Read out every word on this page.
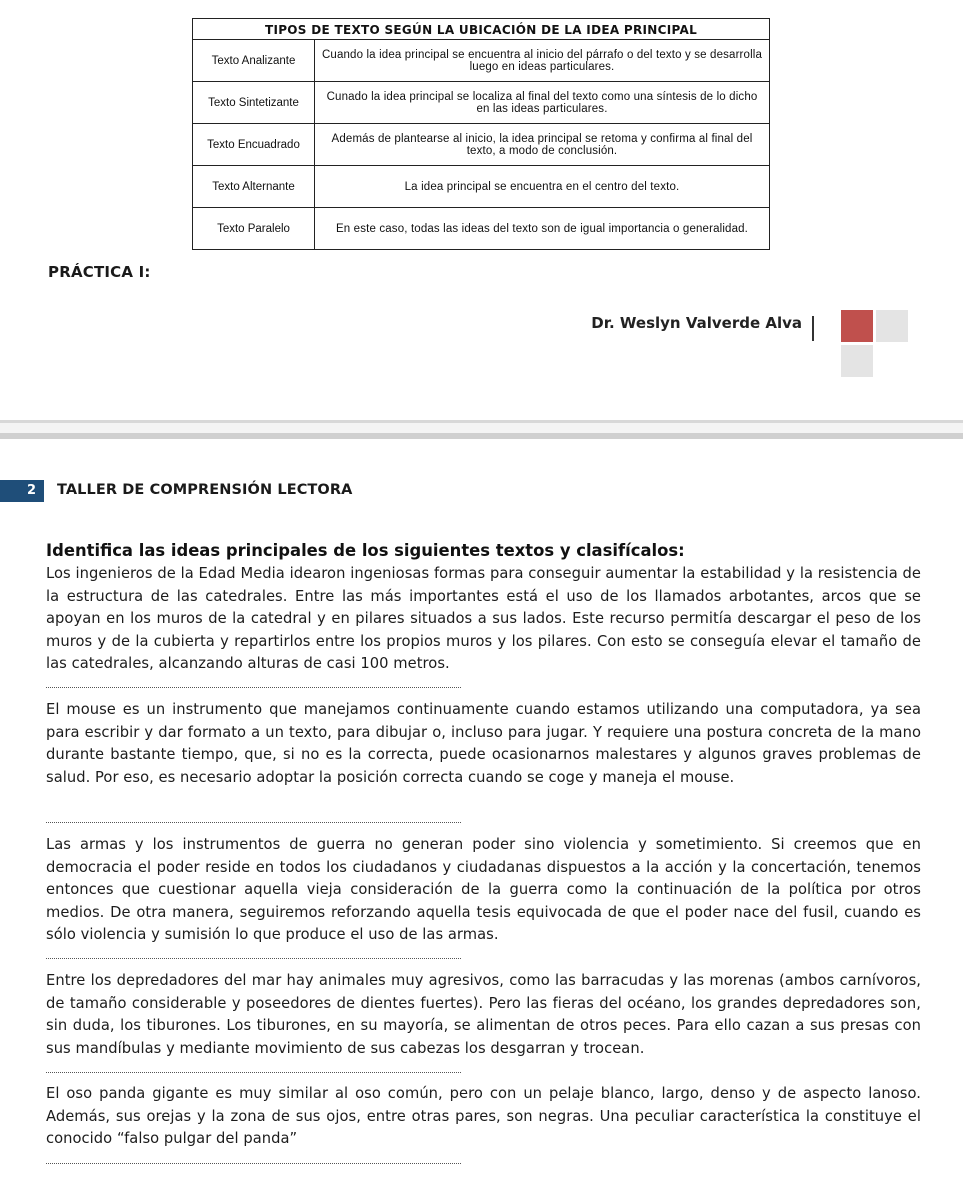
TIPOS DE TEXTO SEGÚN LA UBICACIÓN DE LA IDEA PRINCIPAL	
Texto Analizante	Cuando la idea principal se encuentra al inicio del párrafo o del texto y se desarrolla luego en ideas particulares.
Texto Sintetizante	Cunado la idea principal se localiza al final del texto como una síntesis de lo dicho en las ideas particulares.
Texto Encuadrado	Además de plantearse al inicio, la idea principal se retoma y confirma al final del texto, a modo de conclusión.
Texto Alternante	La idea principal se encuentra en el centro del texto.
Texto Paralelo	En este caso, todas las ideas del texto son de igual importancia o generalidad.
PRÁCTICA I:
Dr. Weslyn Valverde Alva
2	TALLER DE COMPRENSIÓN LECTORA
Identifica las ideas principales de los siguientes textos y clasifícalos:
Los ingenieros de la Edad Media idearon ingeniosas formas para conseguir aumentar la estabilidad y la resistencia de la estructura de las catedrales. Entre las más importantes está el uso de los llamados arbotantes, arcos que se apoyan en los muros de la catedral y en pilares situados a sus lados. Este recurso permitía descargar el peso de los muros y de la cubierta y repartirlos entre los propios muros y los pilares. Con esto se conseguía elevar el tamaño de las catedrales, alcanzando alturas de casi 100 metros.
El mouse es un instrumento que manejamos continuamente cuando estamos utilizando una computadora, ya sea para escribir y dar formato a un texto, para dibujar o, incluso para jugar. Y requiere una postura concreta de la mano durante bastante tiempo, que, si no es la correcta, puede ocasionarnos malestares y algunos graves problemas de salud. Por eso, es necesario adoptar la posición correcta cuando se coge y maneja el mouse.
Las armas y los instrumentos de guerra no generan poder sino violencia y sometimiento. Si creemos que en democracia el poder reside en todos los ciudadanos y ciudadanas dispuestos a la acción y la concertación, tenemos entonces que cuestionar aquella vieja consideración de la guerra como la continuación de la política por otros medios. De otra manera, seguiremos reforzando aquella tesis equivocada de que el poder nace del fusil, cuando es sólo violencia y sumisión lo que produce el uso de las armas.
Entre los depredadores del mar hay animales muy agresivos, como las barracudas y las morenas (ambos carnívoros, de tamaño considerable y poseedores de dientes fuertes). Pero las fieras del océano, los grandes depredadores son, sin duda, los tiburones. Los tiburones, en su mayoría, se alimentan de otros peces. Para ello cazan a sus presas con sus mandíbulas y mediante movimiento de sus cabezas los desgarran y trocean.
El oso panda gigante es muy similar al oso común, pero con un pelaje blanco, largo, denso y de aspecto lanoso. Además, sus orejas y la zona de sus ojos, entre otras pares, son negras. Una peculiar característica la constituye el conocido “falso pulgar del panda”
